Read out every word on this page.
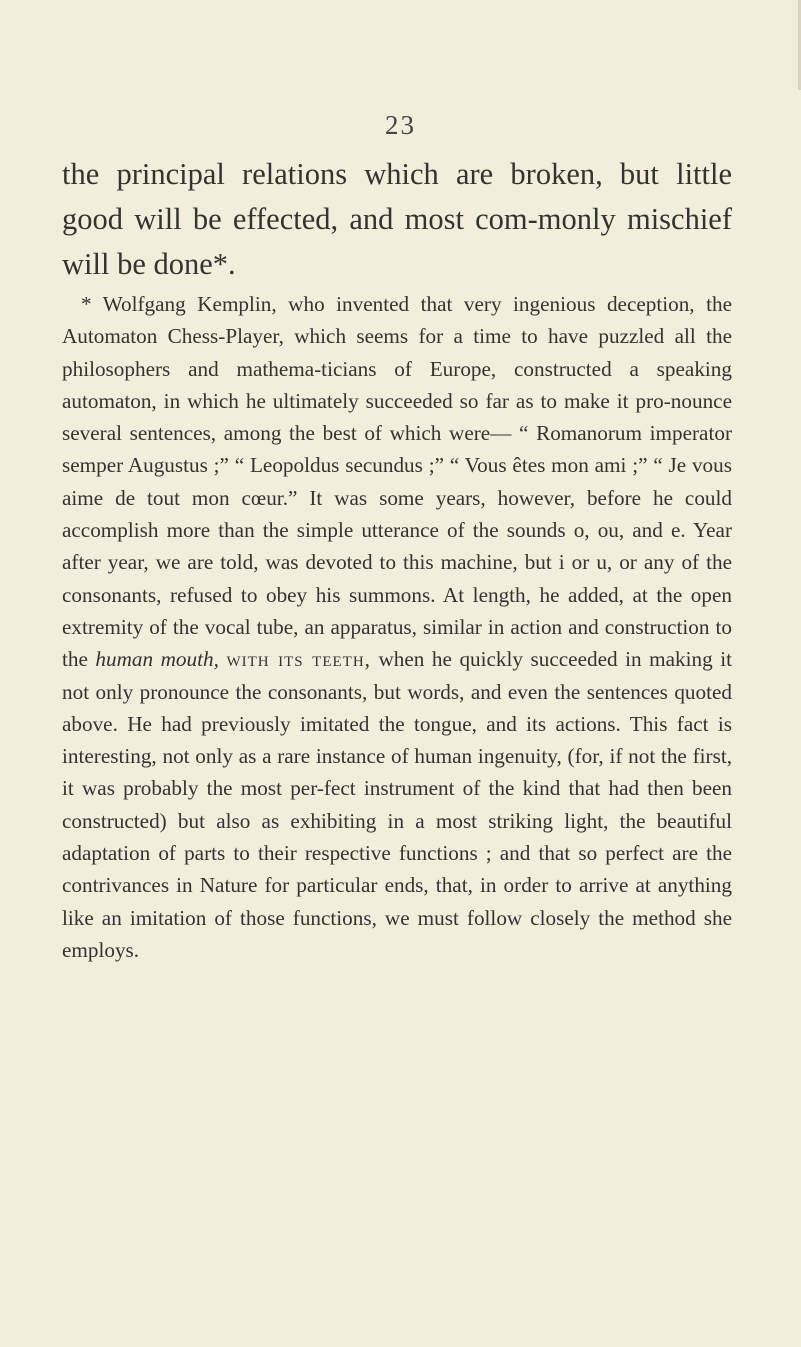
23
the principal relations which are broken, but little good will be effected, and most com-monly mischief will be done*.

* Wolfgang Kemplin, who invented that very ingenious deception, the Automaton Chess-Player, which seems for a time to have puzzled all the philosophers and mathema-ticians of Europe, constructed a speaking automaton, in which he ultimately succeeded so far as to make it pro-nounce several sentences, among the best of which were— “ Romanorum imperator semper Augustus ;” “ Leopoldus secundus ;” “ Vous êtes mon ami ;” “ Je vous aime de tout mon cœur.” It was some years, however, before he could accomplish more than the simple utterance of the sounds o, ou, and e. Year after year, we are told, was devoted to this machine, but i or u, or any of the consonants, refused to obey his summons. At length, he added, at the open extremity of the vocal tube, an apparatus, similar in action and construction to the human mouth, with its teeth, when he quickly succeeded in making it not only pronounce the consonants, but words, and even the sentences quoted above. He had previously imitated the tongue, and its actions. This fact is interesting, not only as a rare instance of human ingenuity, (for, if not the first, it was probably the most per-fect instrument of the kind that had then been constructed) but also as exhibiting in a most striking light, the beautiful adaptation of parts to their respective functions ; and that so perfect are the contrivances in Nature for particular ends, that, in order to arrive at anything like an imitation of those functions, we must follow closely the method she employs.
